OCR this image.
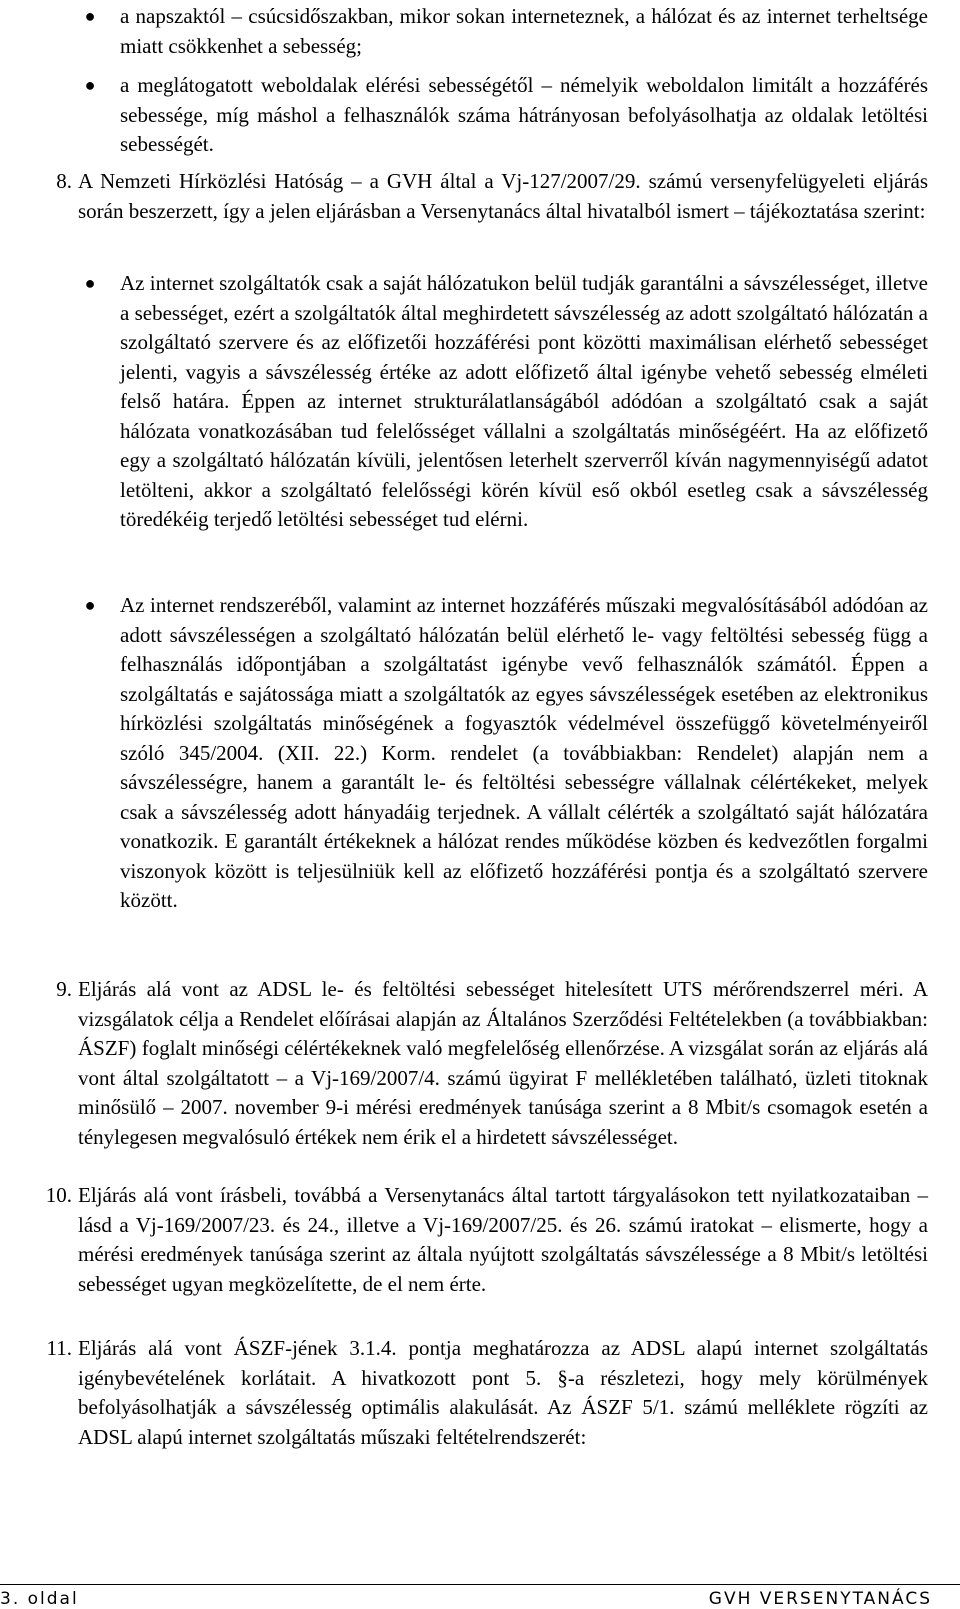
● a napszaktól – csúcsidőszakban, mikor sokan interneteznek, a hálózat és az internet terheltsége miatt csökkenhet a sebesség;

● a meglátogatott weboldalak elérési sebességétől – némelyik weboldalon limitált a hozzáférés sebessége, míg máshol a felhasználók száma hátrányosan befolyásolhatja az oldalak letöltési sebességét.

8. A Nemzeti Hírközlési Hatóság – a GVH által a Vj-127/2007/29. számú versenyfelügyeleti eljárás során beszerzett, így a jelen eljárásban a Versenytanács által hivatalból ismert – tájékoztatása szerint:

● Az internet szolgáltatók csak a saját hálózatukon belül tudják garantálni a sávszélességet, illetve a sebességet, ezért a szolgáltatók által meghirdetett sávszélesség az adott szolgáltató hálózatán a szolgáltató szervere és az előfizetői hozzáférési pont közötti maximálisan elérhető sebességet jelenti, vagyis a sávszélesség értéke az adott előfizető által igénybe vehető sebesség elméleti felső határa. Éppen az internet strukturálatlanságából adódóan a szolgáltató csak a saját hálózata vonatkozásában tud felelősséget vállalni a szolgáltatás minőségéért. Ha az előfizető egy a szolgáltató hálózatán kívüli, jelentősen leterhelt szerverről kíván nagymennyiségű adatot letölteni, akkor a szolgáltató felelősségi körén kívül eső okból esetleg csak a sávszélesség töredékéig terjedő letöltési sebességet tud elérni.

● Az internet rendszeréből, valamint az internet hozzáférés műszaki megvalósításából adódóan az adott sávszélességen a szolgáltató hálózatán belül elérhető le- vagy feltöltési sebesség függ a felhasználás időpontjában a szolgáltatást igénybe vevő felhasználók számától. Éppen a szolgáltatás e sajátossága miatt a szolgáltatók az egyes sávszélességek esetében az elektronikus hírközlési szolgáltatás minőségének a fogyasztók védelmével összefüggő követelményeiről szóló 345/2004. (XII. 22.) Korm. rendelet (a továbbiakban: Rendelet) alapján nem a sávszélességre, hanem a garantált le- és feltöltési sebességre vállalnak célértékeket, melyek csak a sávszélesség adott hányadáig terjednek. A vállalt célérték a szolgáltató saját hálózatára vonatkozik. E garantált értékeknek a hálózat rendes működése közben és kedvezőtlen forgalmi viszonyok között is teljesülniük kell az előfizető hozzáférési pontja és a szolgáltató szervere között.

9. Eljárás alá vont az ADSL le- és feltöltési sebességet hitelesített UTS mérőrendszerrel méri. A vizsgálatok célja a Rendelet előírásai alapján az Általános Szerződési Feltételekben (a továbbiakban: ÁSZF) foglalt minőségi célértékeknek való megfelelőség ellenőrzése. A vizsgálat során az eljárás alá vont által szolgáltatott – a Vj-169/2007/4. számú ügyirat F mellékletében található, üzleti titoknak minősülő – 2007. november 9-i mérési eredmények tanúsága szerint a 8 Mbit/s csomagok esetén a ténylegesen megvalósuló értékek nem érik el a hirdetett sávszélességet.

10. Eljárás alá vont írásbeli, továbbá a Versenytanács által tartott tárgyalásokon tett nyilatkozataiban – lásd a Vj-169/2007/23. és 24., illetve a Vj-169/2007/25. és 26. számú iratokat – elismerte, hogy a mérési eredmények tanúsága szerint az általa nyújtott szolgáltatás sávszélessége a 8 Mbit/s letöltési sebességet ugyan megközelítette, de el nem érte.

11. Eljárás alá vont ÁSZF-jének 3.1.4. pontja meghatározza az ADSL alapú internet szolgáltatás igénybevételének korlátait. A hivatkozott pont 5. §-a részletezi, hogy mely körülmények befolyásolhatják a sávszélesség optimális alakulását. Az ÁSZF 5/1. számú melléklete rögzíti az ADSL alapú internet szolgáltatás műszaki feltételrendszerét:

3. oldal	GVH VERSENYTANÁCS
